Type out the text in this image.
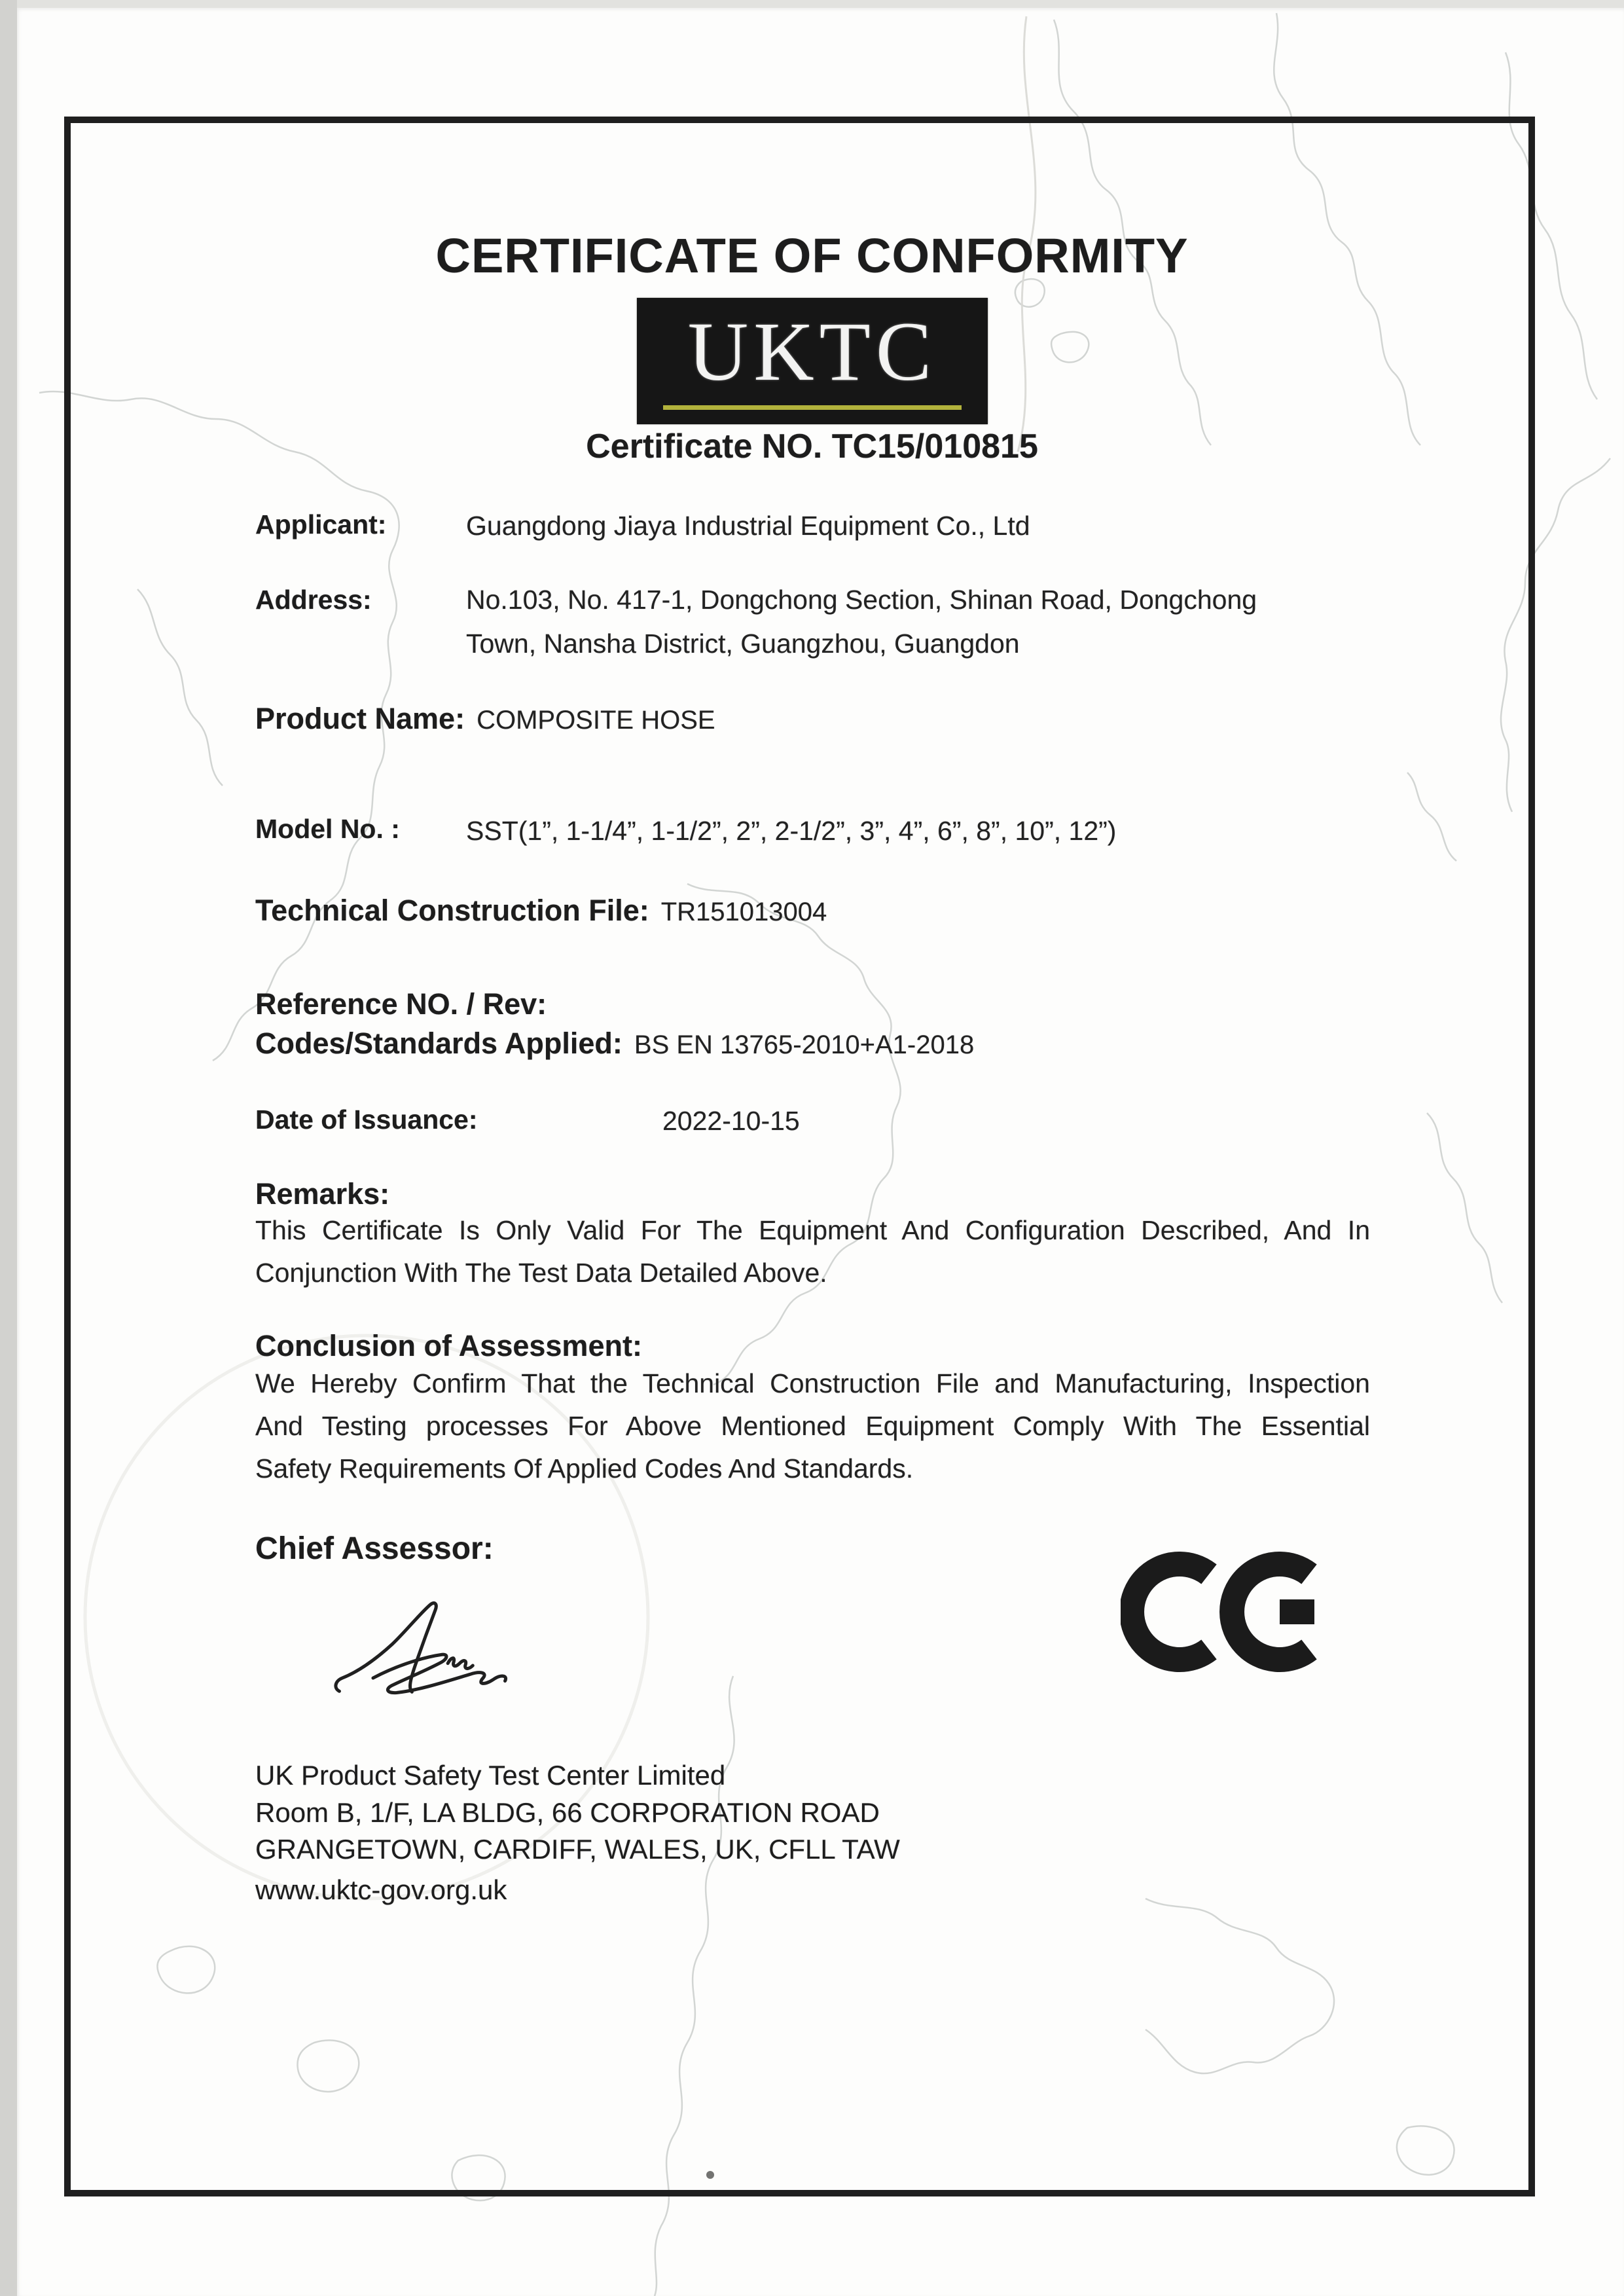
CERTIFICATE OF CONFORMITY
UKTC
Certificate NO. TC15/010815
Applicant:	Guangdong Jiaya Industrial Equipment Co., Ltd
Address:	No.103, No. 417-1, Dongchong Section, Shinan Road, Dongchong
Town, Nansha District, Guangzhou, Guangdon
Product Name: COMPOSITE HOSE
Model No. : SST(1”, 1-1/4”, 1-1/2”, 2”, 2-1/2”, 3”, 4”, 6”, 8”, 10”, 12”)
Technical Construction File: TR151013004
Reference NO. / Rev:
Codes/Standards Applied: BS EN 13765-2010+A1-2018
Date of Issuance:	2022-10-15
Remarks:
This Certificate Is Only Valid For The Equipment And Configuration Described, And In
Conjunction With The Test Data Detailed Above.
Conclusion of Assessment:
We Hereby Confirm That the Technical Construction File and Manufacturing, Inspection
And Testing processes For Above Mentioned Equipment Comply With The Essential
Safety Requirements Of Applied Codes And Standards.
Chief Assessor:
UK Product Safety Test Center Limited
Room B, 1/F, LA BLDG, 66 CORPORATION ROAD
GRANGETOWN, CARDIFF, WALES, UK, CFLL TAW
www.uktc-gov.org.uk
